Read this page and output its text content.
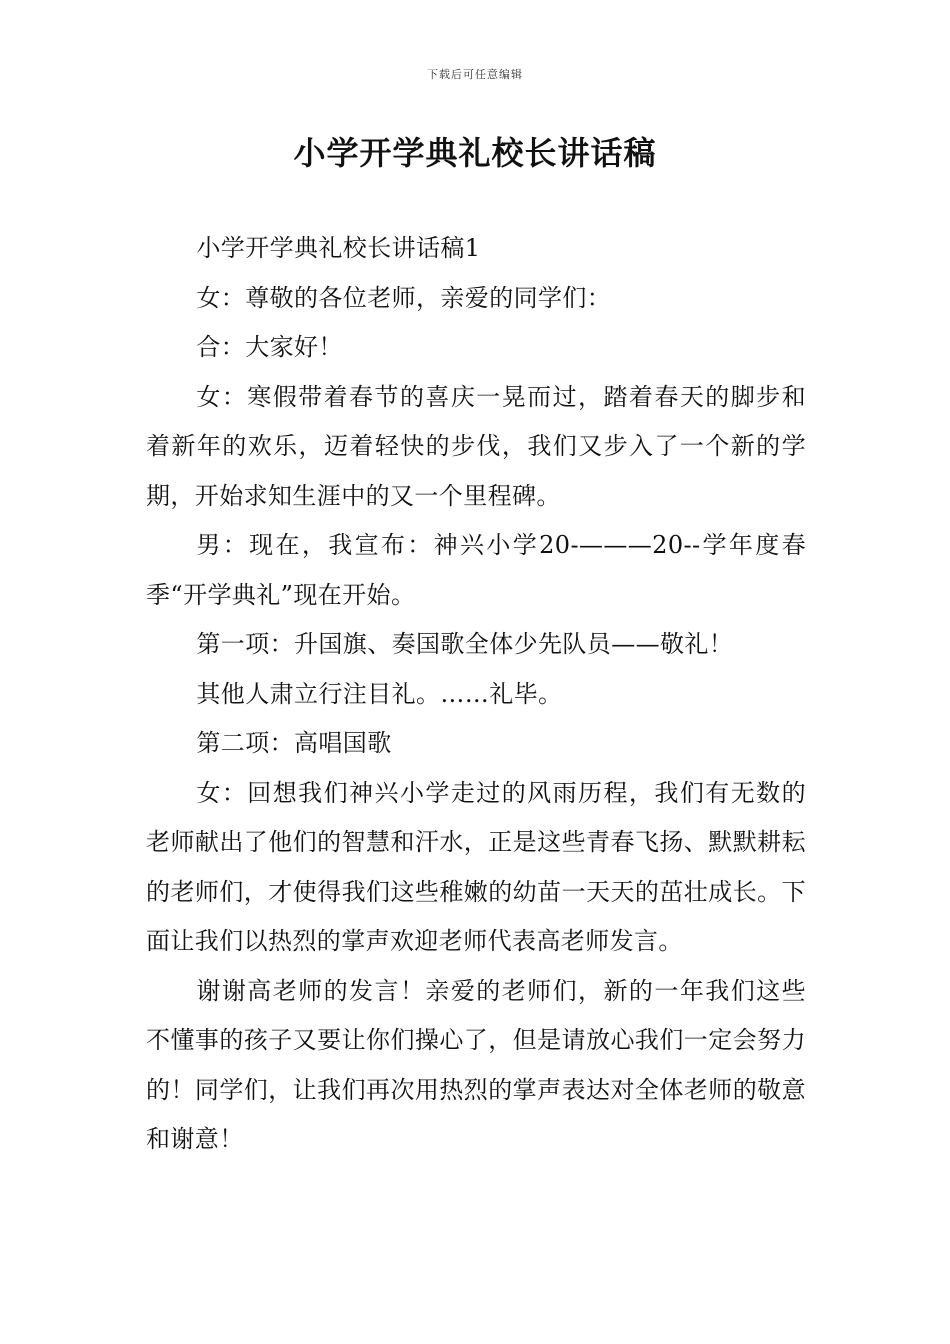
下载后可任意编辑
小学开学典礼校长讲话稿

小学开学典礼校长讲话稿1

女：尊敬的各位老师，亲爱的同学们：

合：大家好！

女：寒假带着春节的喜庆一晃而过，踏着春天的脚步和着新年的欢乐，迈着轻快的步伐，我们又步入了一个新的学期，开始求知生涯中的又一个里程碑。

男：现在，我宣布：神兴小学20-———20--学年度春季“开学典礼”现在开始。

第一项：升国旗、奏国歌全体少先队员——敬礼！

其他人肃立行注目礼。……礼毕。

第二项：高唱国歌

女：回想我们神兴小学走过的风雨历程，我们有无数的老师献出了他们的智慧和汗水，正是这些青春飞扬、默默耕耘的老师们，才使得我们这些稚嫩的幼苗一天天的茁壮成长。下面让我们以热烈的掌声欢迎老师代表高老师发言。

谢谢高老师的发言！亲爱的老师们，新的一年我们这些不懂事的孩子又要让你们操心了，但是请放心我们一定会努力的！同学们，让我们再次用热烈的掌声表达对全体老师的敬意和谢意！
